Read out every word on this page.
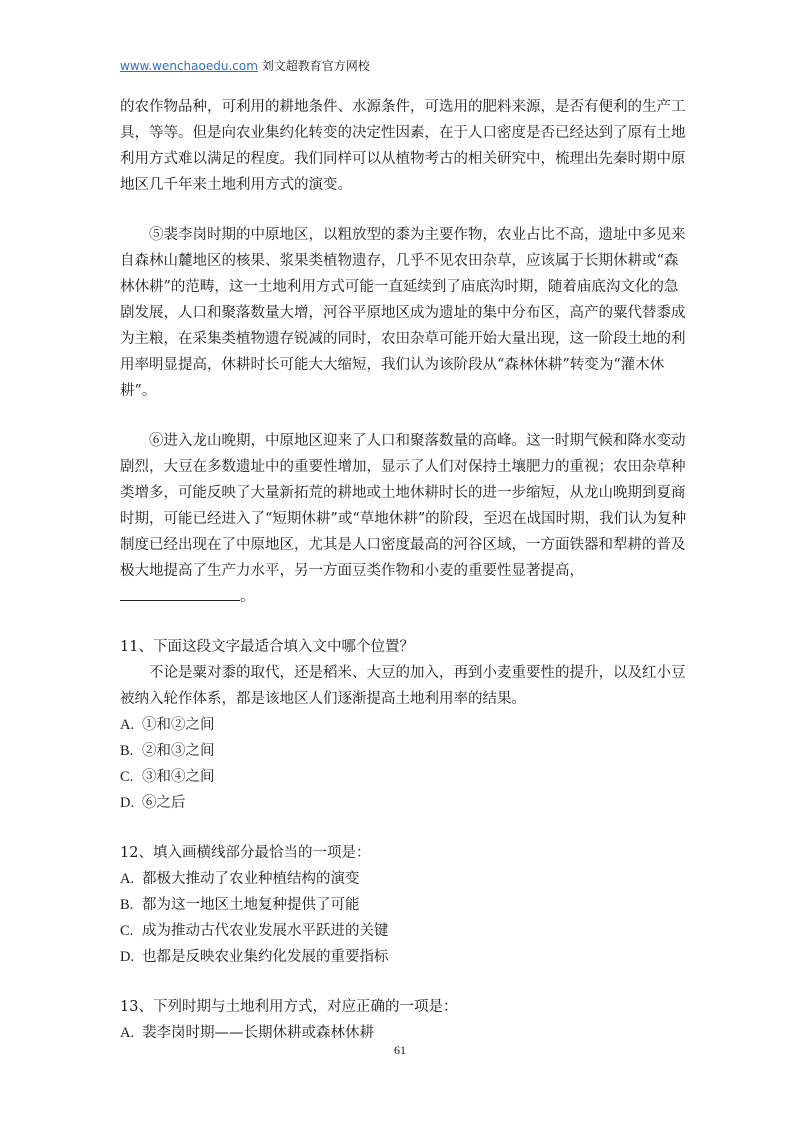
www.wenchaoedu.com 刘文超教育官方网校

的农作物品种，可利用的耕地条件、水源条件，可选用的肥料来源，是否有便利的生产工具，等等。但是向农业集约化转变的决定性因素，在于人口密度是否已经达到了原有土地利用方式难以满足的程度。我们同样可以从植物考古的相关研究中，梳理出先秦时期中原地区几千年来土地利用方式的演变。

⑤裴李岗时期的中原地区，以粗放型的黍为主要作物，农业占比不高，遗址中多见来自森林山麓地区的核果、浆果类植物遗存，几乎不见农田杂草，应该属于长期休耕或“森林休耕”的范畴，这一土地利用方式可能一直延续到了庙底沟时期，随着庙底沟文化的急剧发展，人口和聚落数量大增，河谷平原地区成为遗址的集中分布区，高产的粟代替黍成为主粮，在采集类植物遗存锐减的同时，农田杂草可能开始大量出现，这一阶段土地的利用率明显提高，休耕时长可能大大缩短，我们认为该阶段从“森林休耕”转变为“灌木休耕”。

⑥进入龙山晚期，中原地区迎来了人口和聚落数量的高峰。这一时期气候和降水变动剧烈，大豆在多数遗址中的重要性增加，显示了人们对保持土壤肥力的重视；农田杂草种类增多，可能反映了大量新拓荒的耕地或土地休耕时长的进一步缩短，从龙山晚期到夏商时期，可能已经进入了“短期休耕”或“草地休耕”的阶段，至迟在战国时期，我们认为复种制度已经出现在了中原地区，尤其是人口密度最高的河谷区域，一方面铁器和犁耕的普及极大地提高了生产力水平，另一方面豆类作物和小麦的重要性显著提高，
。

11、下面这段文字最适合填入文中哪个位置？

不论是粟对黍的取代，还是稻米、大豆的加入，再到小麦重要性的提升，以及红小豆被纳入轮作体系，都是该地区人们逐渐提高土地利用率的结果。

A. ①和②之间

B. ②和③之间

C. ③和④之间

D. ⑥之后

12、填入画横线部分最恰当的一项是：

A. 都极大推动了农业种植结构的演变

B. 都为这一地区土地复种提供了可能

C. 成为推动古代农业发展水平跃进的关键

D. 也都是反映农业集约化发展的重要指标

13、下列时期与土地利用方式，对应正确的一项是：

A. 裴李岗时期——长期休耕或森林休耕

61
